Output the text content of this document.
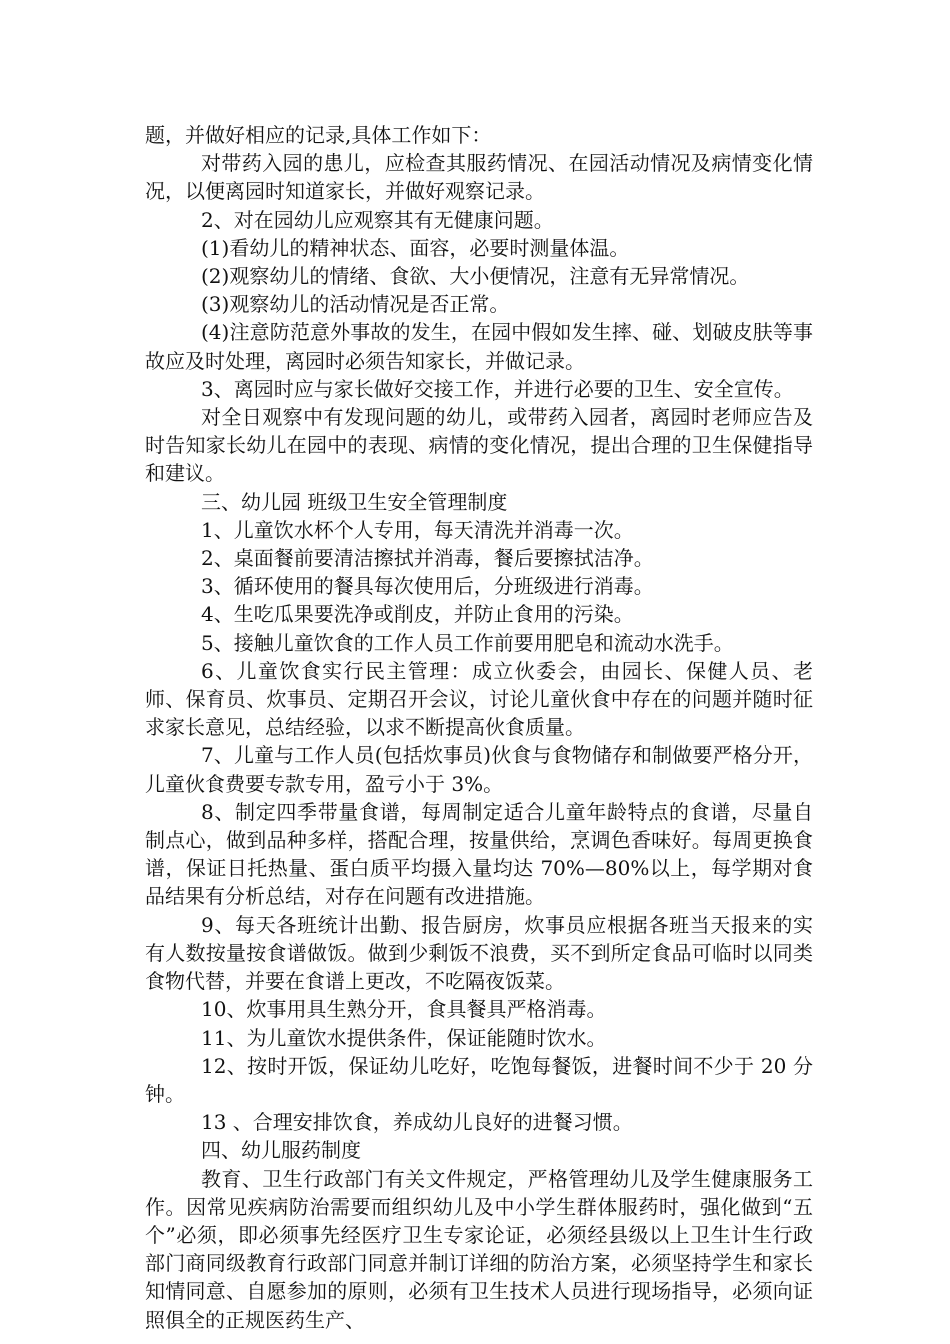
题，并做好相应的记录,具体工作如下：

对带药入园的患儿，应检查其服药情况、在园活动情况及病情变化情况，以便离园时知道家长，并做好观察记录。

2、对在园幼儿应观察其有无健康问题。

(1)看幼儿的精神状态、面容，必要时测量体温。

(2)观察幼儿的情绪、食欲、大小便情况，注意有无异常情况。

(3)观察幼儿的活动情况是否正常。

(4)注意防范意外事故的发生，在园中假如发生摔、碰、划破皮肤等事故应及时处理，离园时必须告知家长，并做记录。

3、离园时应与家长做好交接工作，并进行必要的卫生、安全宣传。

对全日观察中有发现问题的幼儿，或带药入园者，离园时老师应告及时告知家长幼儿在园中的表现、病情的变化情况，提出合理的卫生保健指导和建议。

三、幼儿园 班级卫生安全管理制度

1、儿童饮水杯个人专用，每天清洗并消毒一次。

2、桌面餐前要清洁擦拭并消毒，餐后要擦拭洁净。

3、循环使用的餐具每次使用后，分班级进行消毒。

4、生吃瓜果要洗净或削皮，并防止食用的污染。

5、接触儿童饮食的工作人员工作前要用肥皂和流动水洗手。

6、儿童饮食实行民主管理：成立伙委会，由园长、保健人员、老师、保育员、炊事员、定期召开会议，讨论儿童伙食中存在的问题并随时征求家长意见，总结经验，以求不断提高伙食质量。

7、儿童与工作人员(包括炊事员)伙食与食物储存和制做要严格分开，儿童伙食费要专款专用，盈亏小于 3%。

8、制定四季带量食谱，每周制定适合儿童年龄特点的食谱，尽量自制点心，做到品种多样，搭配合理，按量供给，烹调色香味好。每周更换食谱，保证日托热量、蛋白质平均摄入量均达 70%—80%以上，每学期对食品结果有分析总结，对存在问题有改进措施。

9、每天各班统计出勤、报告厨房，炊事员应根据各班当天报来的实有人数按量按食谱做饭。做到少剩饭不浪费，买不到所定食品可临时以同类食物代替，并要在食谱上更改，不吃隔夜饭菜。

10、炊事用具生熟分开，食具餐具严格消毒。

11、为儿童饮水提供条件，保证能随时饮水。

12、按时开饭，保证幼儿吃好，吃饱每餐饭，进餐时间不少于 20 分钟。

13 、合理安排饮食，养成幼儿良好的进餐习惯。

四、幼儿服药制度

教育、卫生行政部门有关文件规定，严格管理幼儿及学生健康服务工作。因常见疾病防治需要而组织幼儿及中小学生群体服药时，强化做到“五个”必须，即必须事先经医疗卫生专家论证，必须经县级以上卫生计生行政部门商同级教育行政部门同意并制订详细的防治方案，必须坚持学生和家长知情同意、自愿参加的原则，必须有卫生技术人员进行现场指导，必须向证照俱全的正规医药生产、
